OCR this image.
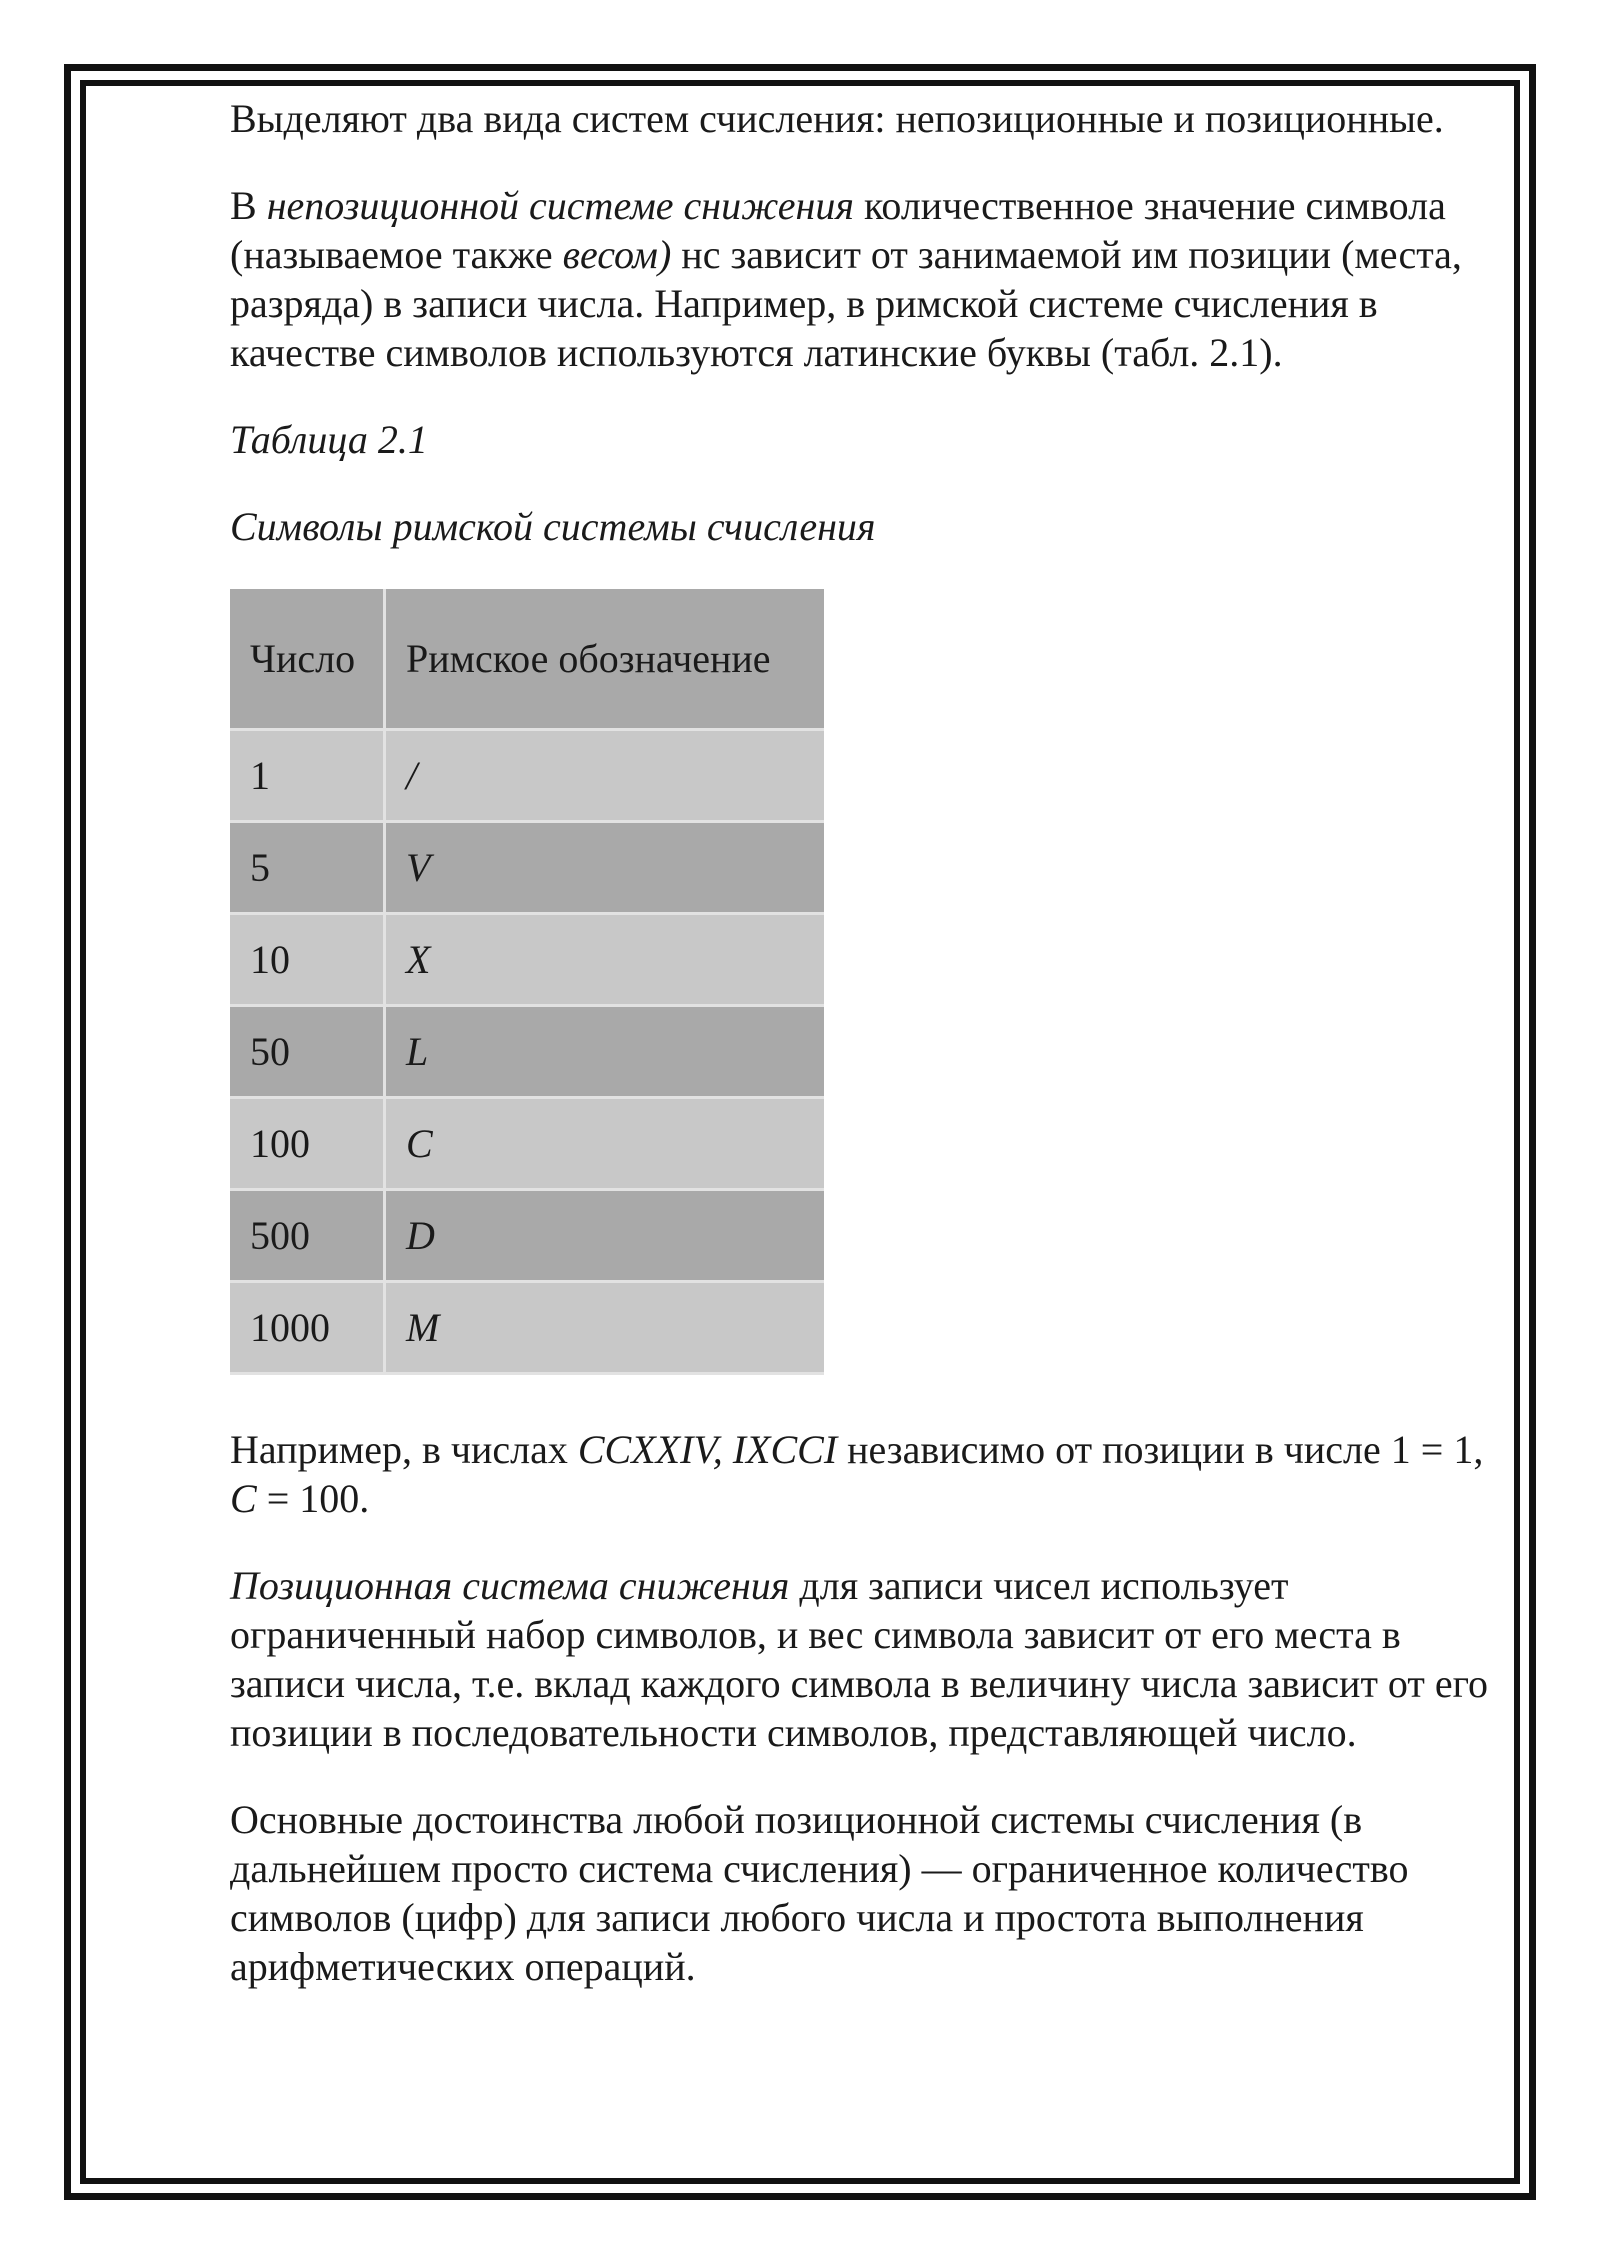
Выделяют два вида систем счисления: непозиционные и позиционные.

В непозиционной системе снижения количественное значение символа (называемое также весом) нс зависит от занимаемой им позиции (места, разряда) в записи числа. Например, в римской системе счисления в качестве символов используются латинские буквы (табл. 2.1).

Таблица 2.1
Символы римской системы счисления
Число	Римское обозначение
1	/
5	V
10	X
50	L
100	C
500	D
1000	M

Например, в числах CCXXIV, IXCCI независимо от позиции в числе 1 = 1, C = 100.

Позиционная система снижения для записи чисел использует ограниченный набор символов, и вес символа зависит от его места в записи числа, т.е. вклад каждого символа в величину числа зависит от его позиции в последовательности символов, представляющей число.

Основные достоинства любой позиционной системы счисления (в дальнейшем просто система счисления) — ограниченное количество символов (цифр) для записи любого числа и простота выполнения арифметических операций.
